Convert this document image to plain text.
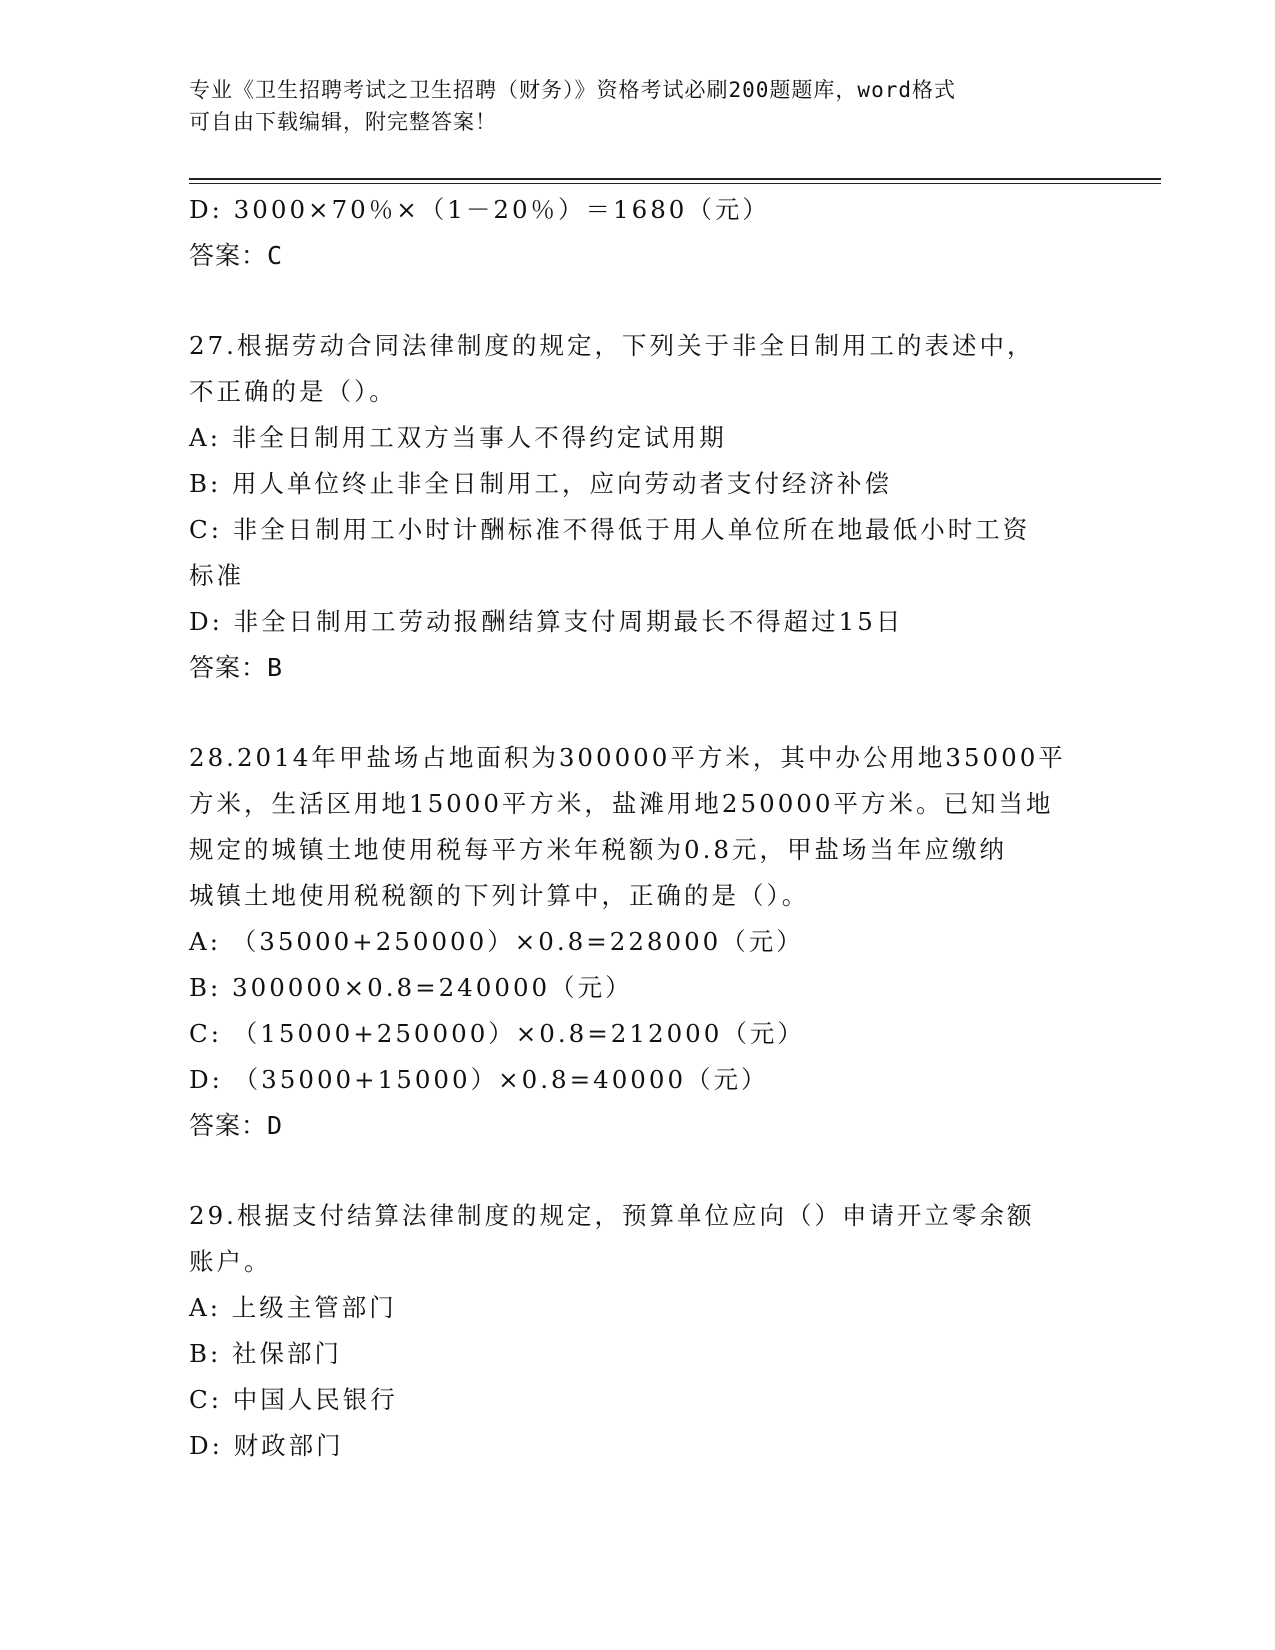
专业《卫生招聘考试之卫生招聘（财务）》资格考试必刷200题题库，word格式
可自由下载编辑，附完整答案！

D: 3000×70％×（1－20％）＝1680（元）

答案：C

27.根据劳动合同法律制度的规定，下列关于非全日制用工的表述中，

不正确的是（）。

A: 非全日制用工双方当事人不得约定试用期

B: 用人单位终止非全日制用工，应向劳动者支付经济补偿

C: 非全日制用工小时计酬标准不得低于用人单位所在地最低小时工资

标准

D: 非全日制用工劳动报酬结算支付周期最长不得超过15日

答案：B

28.2014年甲盐场占地面积为300000平方米，其中办公用地35000平

方米，生活区用地15000平方米，盐滩用地250000平方米。已知当地

规定的城镇土地使用税每平方米年税额为0.8元，甲盐场当年应缴纳

城镇土地使用税税额的下列计算中，正确的是（）。

A: （35000+250000）×0.8=228000（元）

B: 300000×0.8=240000（元）

C: （15000+250000）×0.8=212000（元）

D: （35000+15000）×0.8=40000（元）

答案：D

29.根据支付结算法律制度的规定，预算单位应向（）申请开立零余额

账户。

A: 上级主管部门

B: 社保部门

C: 中国人民银行

D: 财政部门
